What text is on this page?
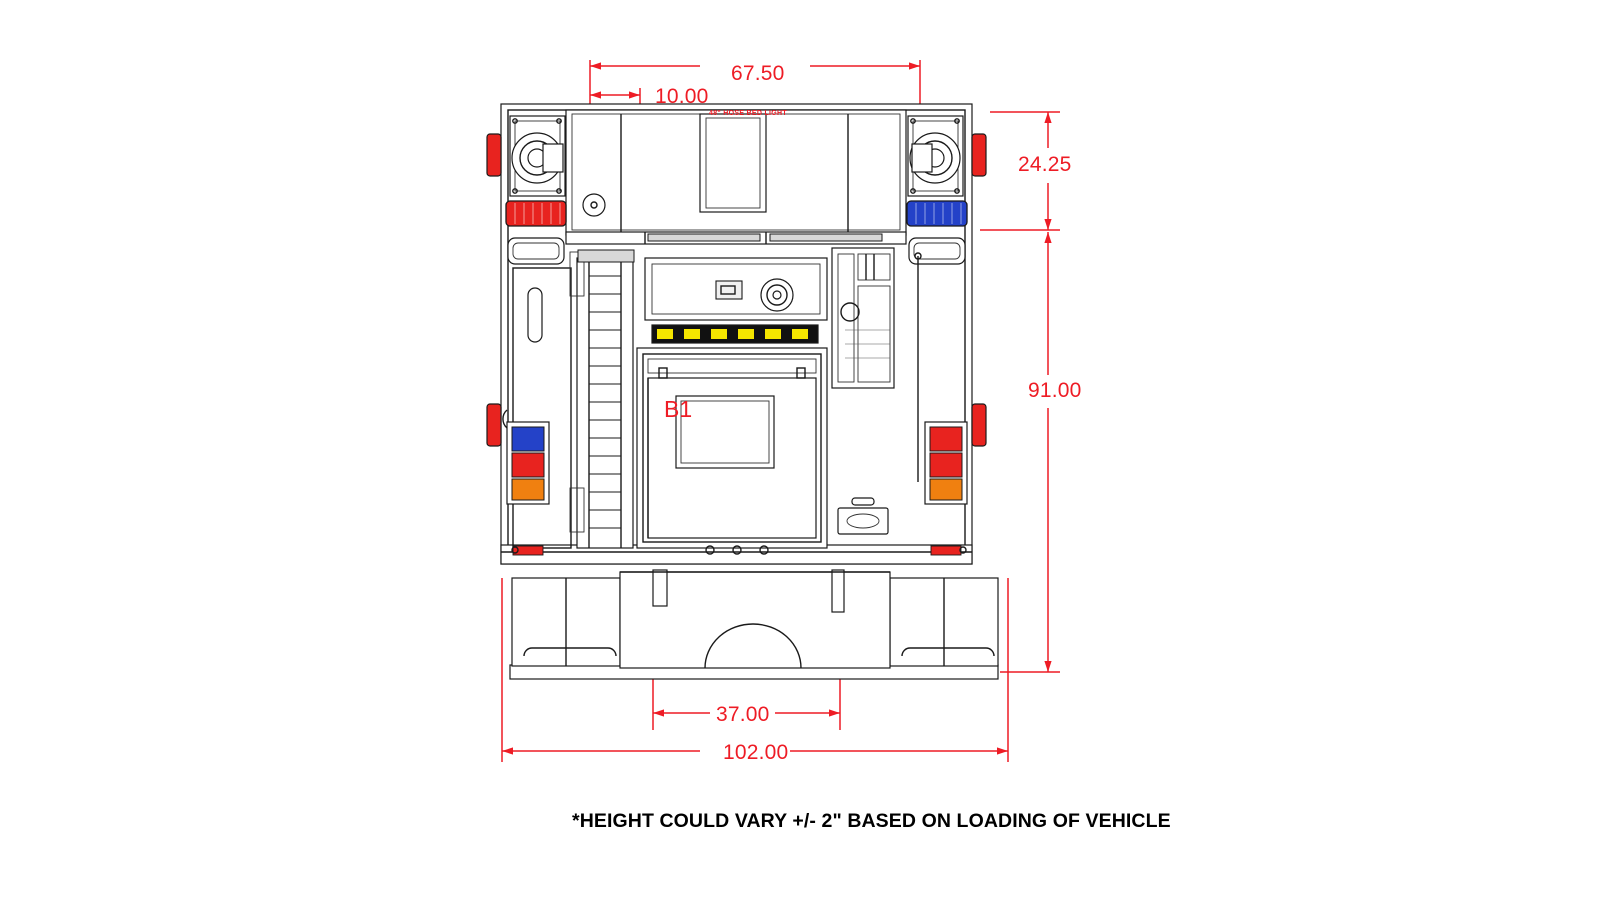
67.50
10.00
24.25
91.00
37.00
102.00
B1
48" HOSE BED LIGHT
*HEIGHT COULD VARY +/- 2" BASED ON LOADING OF VEHICLE
